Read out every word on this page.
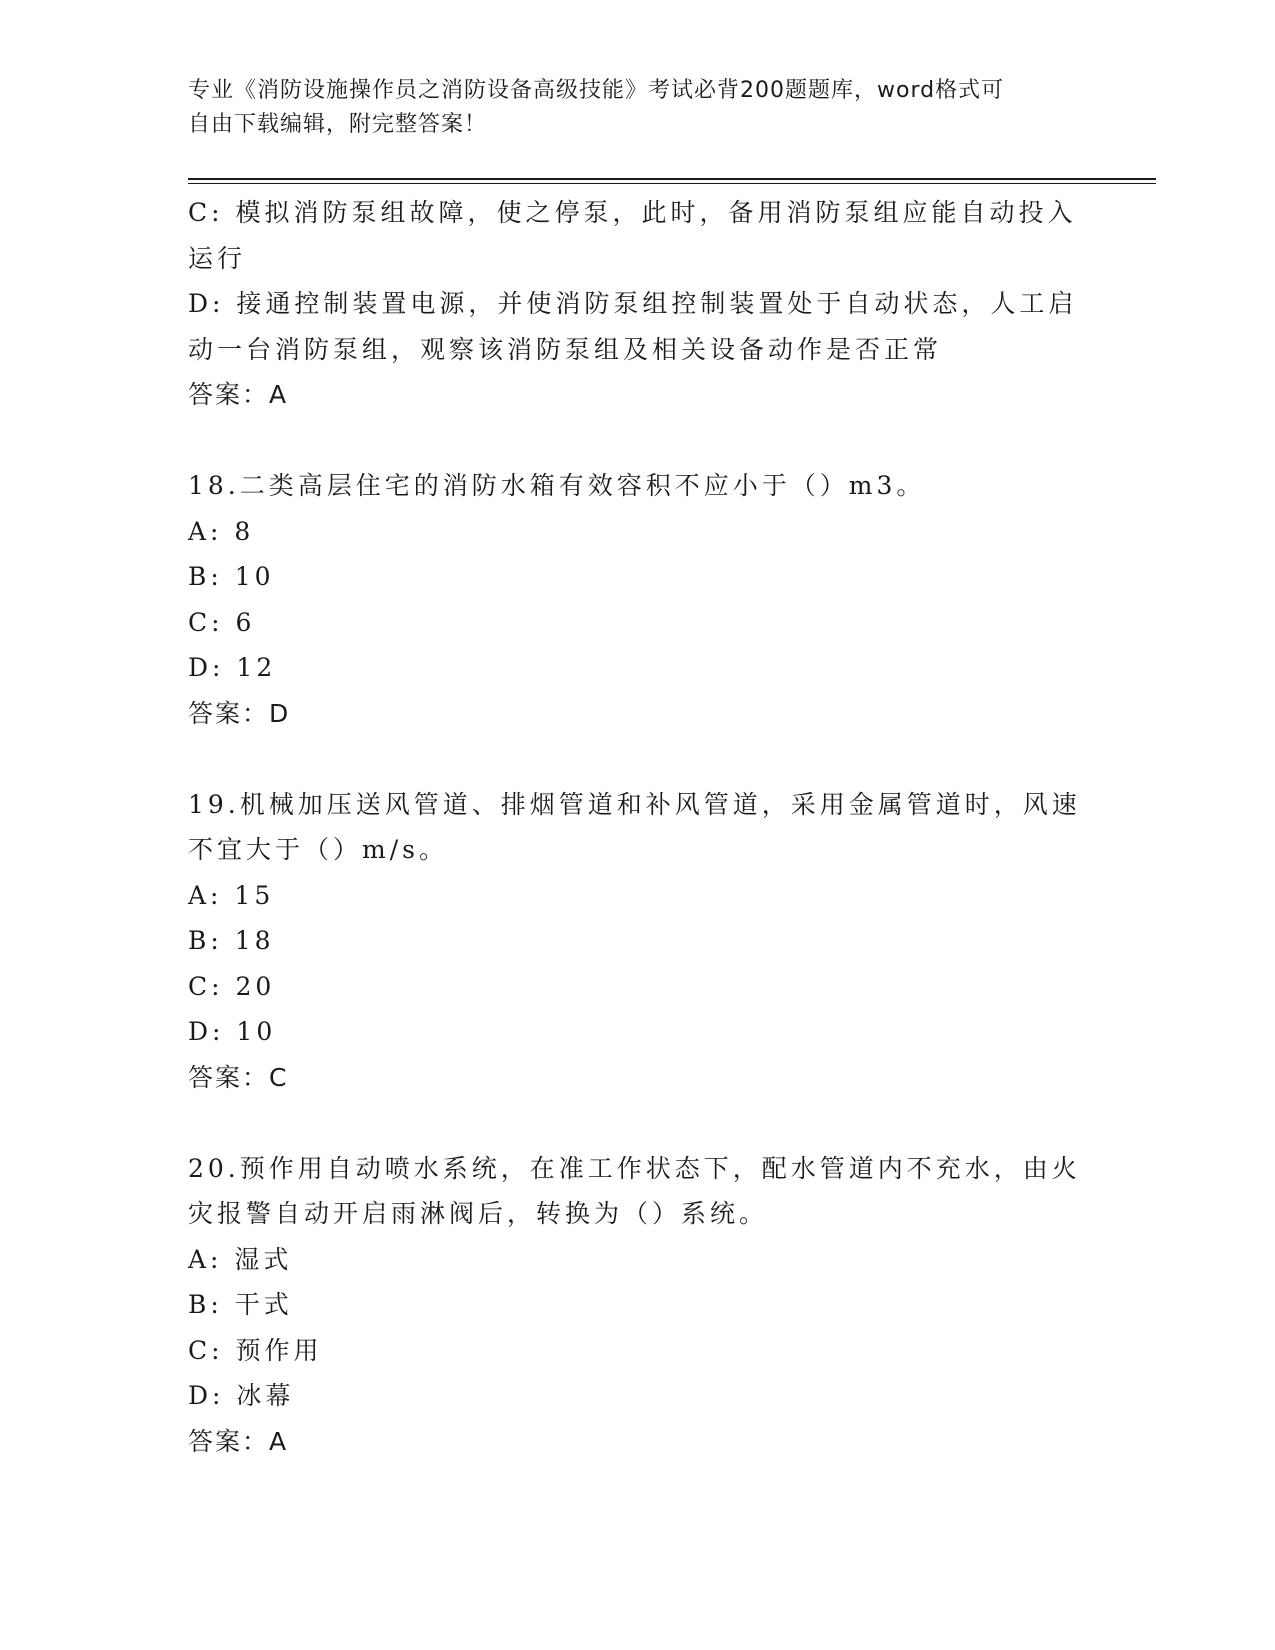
专业《消防设施操作员之消防设备高级技能》考试必背200题题库，word格式可
自由下载编辑，附完整答案！
C: 模拟消防泵组故障，使之停泵，此时，备用消防泵组应能自动投入
运行
D: 接通控制装置电源，并使消防泵组控制装置处于自动状态，人工启
动一台消防泵组，观察该消防泵组及相关设备动作是否正常
答案：A
18.二类高层住宅的消防水箱有效容积不应小于（）m3。
A: 8
B: 10
C: 6
D: 12
答案：D
19.机械加压送风管道、排烟管道和补风管道，采用金属管道时，风速
不宜大于（）m/s。
A: 15
B: 18
C: 20
D: 10
答案：C
20.预作用自动喷水系统，在准工作状态下，配水管道内不充水，由火
灾报警自动开启雨淋阀后，转换为（）系统。
A: 湿式
B: 干式
C: 预作用
D: 冰幕
答案：A
